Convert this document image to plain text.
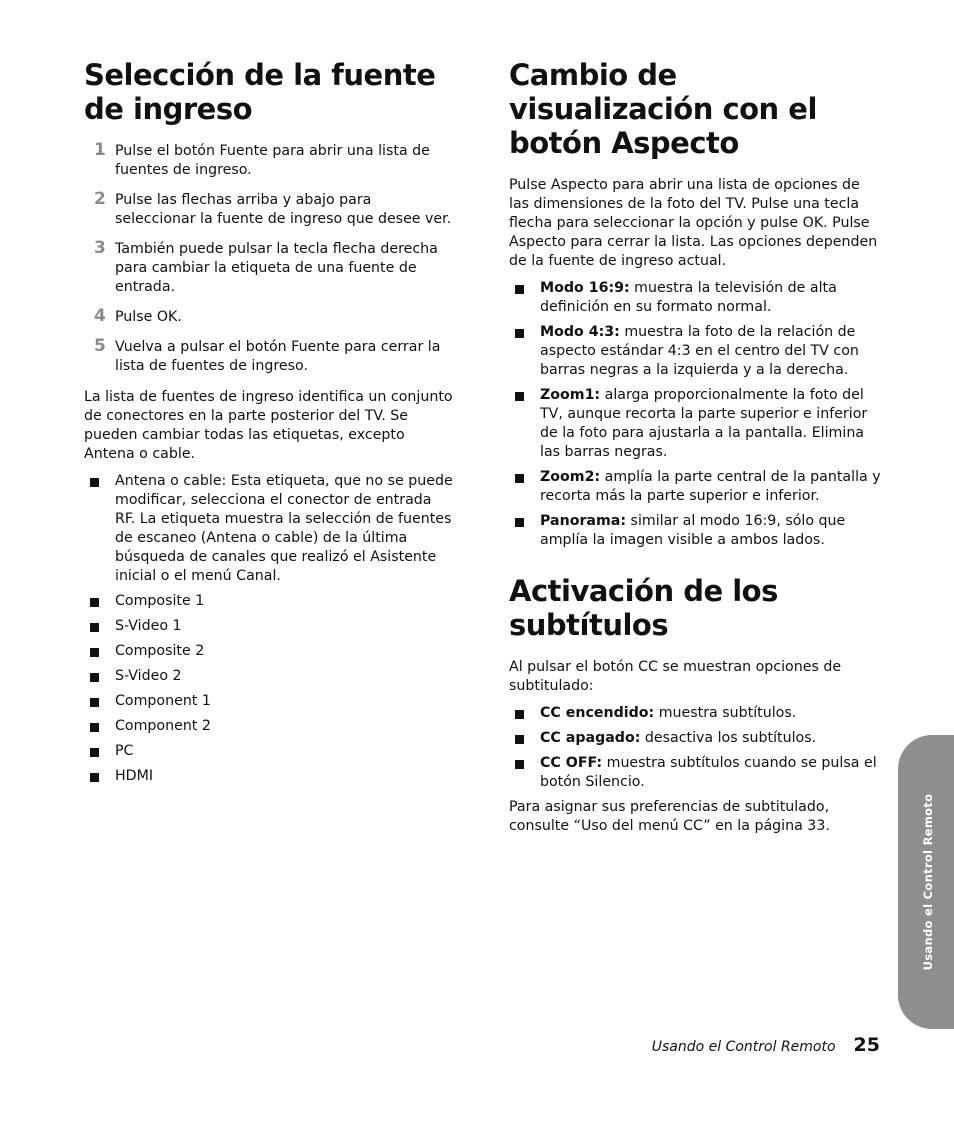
Selección de la fuente de ingreso
1 Pulse el botón Fuente para abrir una lista de fuentes de ingreso.
2 Pulse las flechas arriba y abajo para seleccionar la fuente de ingreso que desee ver.
3 También puede pulsar la tecla flecha derecha para cambiar la etiqueta de una fuente de entrada.
4 Pulse OK.
5 Vuelva a pulsar el botón Fuente para cerrar la lista de fuentes de ingreso.

La lista de fuentes de ingreso identifica un conjunto de conectores en la parte posterior del TV. Se pueden cambiar todas las etiquetas, excepto Antena o cable.

Antena o cable: Esta etiqueta, que no se puede modificar, selecciona el conector de entrada RF. La etiqueta muestra la selección de fuentes de escaneo (Antena o cable) de la última búsqueda de canales que realizó el Asistente inicial o el menú Canal.
Composite 1
S-Video 1
Composite 2
S-Video 2
Component 1
Component 2
PC
HDMI
Cambio de visualización con el botón Aspecto

Pulse Aspecto para abrir una lista de opciones de las dimensiones de la foto del TV. Pulse una tecla flecha para seleccionar la opción y pulse OK. Pulse Aspecto para cerrar la lista. Las opciones dependen de la fuente de ingreso actual.

Modo 16:9: muestra la televisión de alta definición en su formato normal.
Modo 4:3: muestra la foto de la relación de aspecto estándar 4:3 en el centro del TV con barras negras a la izquierda y a la derecha.
Zoom1: alarga proporcionalmente la foto del TV, aunque recorta la parte superior e inferior de la foto para ajustarla a la pantalla. Elimina las barras negras.
Zoom2: amplía la parte central de la pantalla y recorta más la parte superior e inferior.
Panorama: similar al modo 16:9, sólo que amplía la imagen visible a ambos lados.
Activación de los subtítulos

Al pulsar el botón CC se muestran opciones de subtitulado:

CC encendido: muestra subtítulos.
CC apagado: desactiva los subtítulos.
CC OFF: muestra subtítulos cuando se pulsa el botón Silencio.

Para asignar sus preferencias de subtitulado, consulte “Uso del menú CC” en la página 33.	Usando el Control Remoto
Usando el Control Remoto 25
